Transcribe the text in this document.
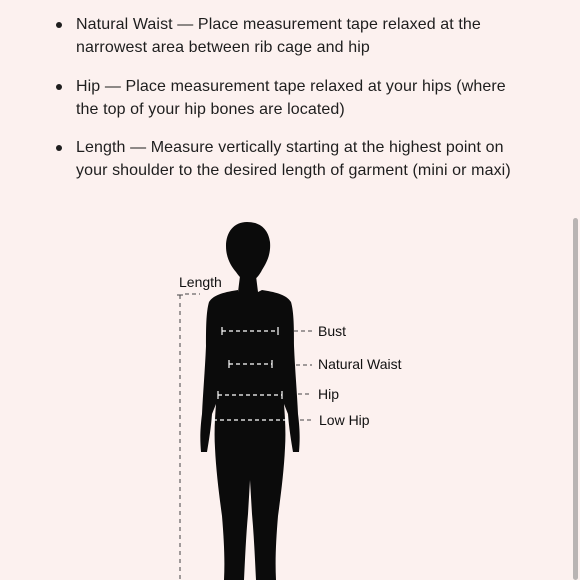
Natural Waist — Place measurement tape relaxed at the narrowest area between rib cage and hip
Hip — Place measurement tape relaxed at your hips (where the top of your hip bones are located)
Length — Measure vertically starting at the highest point on your shoulder to the desired length of garment (mini or maxi)
Length
Bust
Natural Waist
Hip
Low Hip
